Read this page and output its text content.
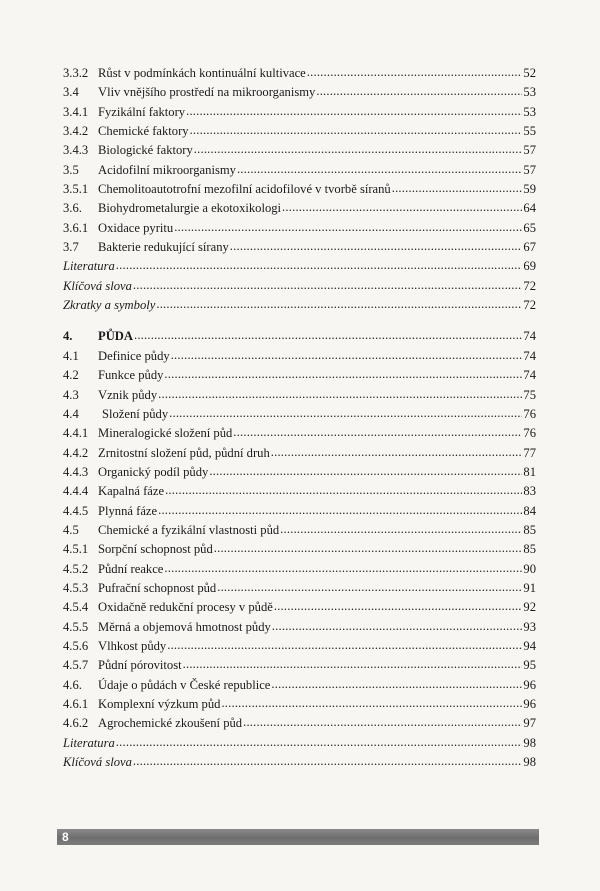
3.3.2 Růst v podmínkách kontinuální kultivace .....	52
3.4	Vliv vnějšího prostředí na mikroorganismy .....	53
3.4.1 Fyzikální faktory .....	53
3.4.2 Chemické faktory .....	55
3.4.3 Biologické faktory .....	57
3.5	Acidofilní mikroorganismy .....	57
3.5.1 Chemolitoautotrofní mezofilní acidofilové v tvorbě síranů .....	59
3.6.	Biohydrometalurgie a ekotoxikologi .....	64
3.6.1 Oxidace pyritu .....	65
3.7	Bakterie redukující sírany .....	67
Literatura .....	69
Klíčová slova .....	72
Zkratky a symboly .....	72
4.	PŮDA .....	74
4.1	Definice půdy .....	74
4.2	Funkce půdy .....	74
4.3	Vznik půdy .....	75
4.4	Složení půdy .....	76
4.4.1 Mineralogické složení půd .....	76
4.4.2 Zrnitostní složení půd, půdní druh .....	77
4.4.3 Organický podíl půdy .....	81
4.4.4 Kapalná fáze .....	83
4.4.5 Plynná fáze .....	84
4.5	Chemické a fyzikální vlastnosti půd .....	85
4.5.1 Sorpční schopnost půd .....	85
4.5.2 Půdní reakce .....	90
4.5.3 Pufrační schopnost půd .....	91
4.5.4 Oxidačně redukční procesy v půdě .....	92
4.5.5 Měrná a objemová hmotnost půdy .....	93
4.5.6 Vlhkost půdy .....	94
4.5.7 Půdní pórovitost .....	95
4.6.	Údaje o půdách v České republice .....	96
4.6.1 Komplexní výzkum půd .....	96
4.6.2 Agrochemické zkoušení půd .....	97
Literatura .....	98
Klíčová slova .....	98
8
